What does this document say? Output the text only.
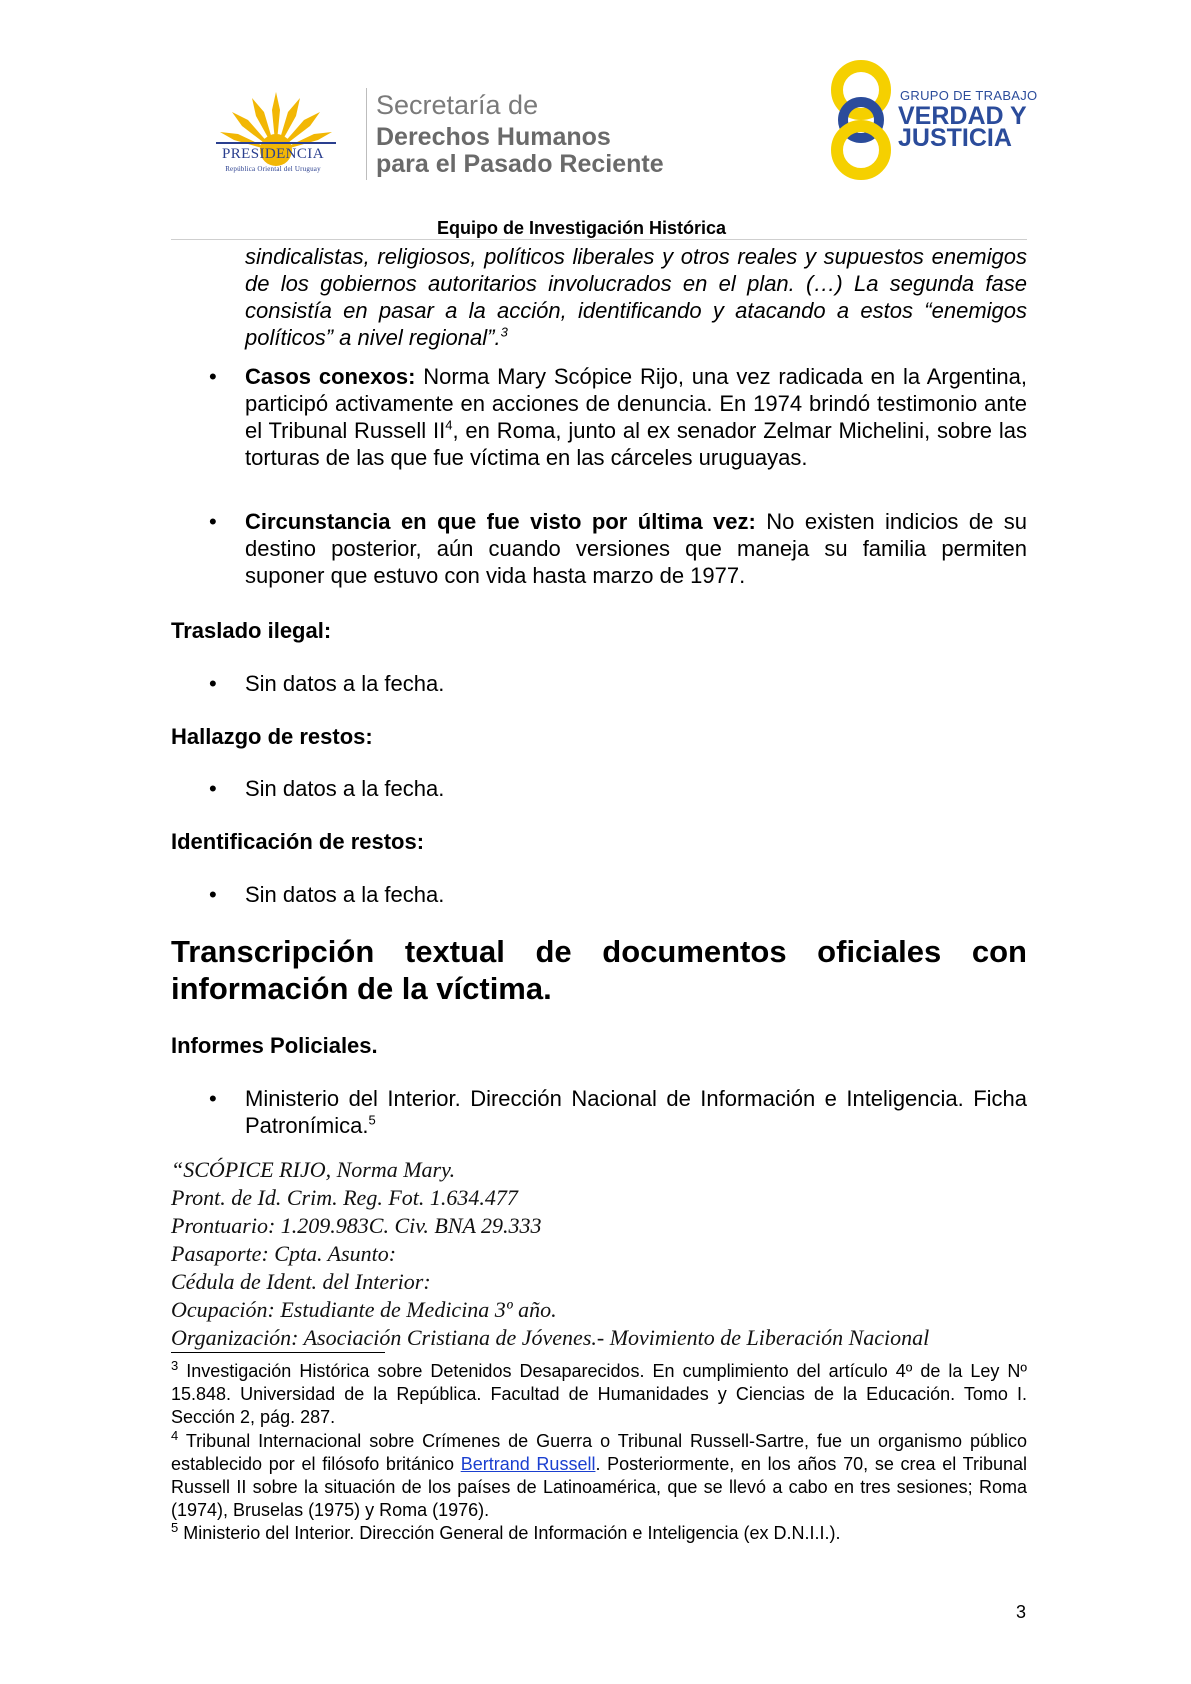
PRESIDENCIA
República Oriental del Uruguay
Secretaría de
Derechos Humanos
para el Pasado Reciente
GRUPO DE TRABAJO
VERDAD Y
JUSTICIA
Equipo de Investigación Histórica
sindicalistas, religiosos, políticos liberales y otros reales y supuestos enemigos de los gobiernos autoritarios involucrados en el plan. (…) La segunda fase consistía en pasar a la acción, identificando y atacando a estos “enemigos políticos” a nivel regional”.$^3$
• Casos conexos: Norma Mary Scópice Rijo, una vez radicada en la Argentina, participó activamente en acciones de denuncia. En 1974 brindó testimonio ante el Tribunal Russell $II^4$, en Roma, junto al ex senador Zelmar Michelini, sobre las torturas de las que fue víctima en las cárceles uruguayas.
• Circunstancia en que fue visto por última vez: No existen indicios de su destino posterior, aún cuando versiones que maneja su familia permiten suponer que estuvo con vida hasta marzo de 1977.
Traslado ilegal:
• Sin datos a la fecha.
Hallazgo de restos:
• Sin datos a la fecha.
Identificación de restos:
• Sin datos a la fecha.
Transcripción textual de documentos oficiales con información de la víctima.
Informes Policiales.
• Ministerio del Interior. Dirección Nacional de Información e Inteligencia. Ficha Patronímica.$^5$
“SCÓPICE RIJO, Norma Mary.
Pront. de Id. Crim. Reg. Fot. 1.634.477
Prontuario: 1.209.983C. Civ. BNA 29.333
Pasaporte: Cpta. Asunto:
Cédula de Ident. del Interior:
Ocupación: Estudiante de Medicina 3º año.
Organización: Asociación Cristiana de Jóvenes.- Movimiento de Liberación Nacional
$^3$ Investigación Histórica sobre Detenidos Desaparecidos. En cumplimiento del artículo 4º de la Ley Nº 15.848. Universidad de la República. Facultad de Humanidades y Ciencias de la Educación. Tomo I. Sección 2, pág. 287.
$^4$ Tribunal Internacional sobre Crímenes de Guerra o Tribunal Russell-Sartre, fue un organismo público establecido por el filósofo británico Bertrand Russell. Posteriormente, en los años 70, se crea el Tribunal Russell II sobre la situación de los países de Latinoamérica, que se llevó a cabo en tres sesiones; Roma (1974), Bruselas (1975) y Roma (1976).
$^5$ Ministerio del Interior. Dirección General de Información e Inteligencia (ex D.N.I.I.).
3
